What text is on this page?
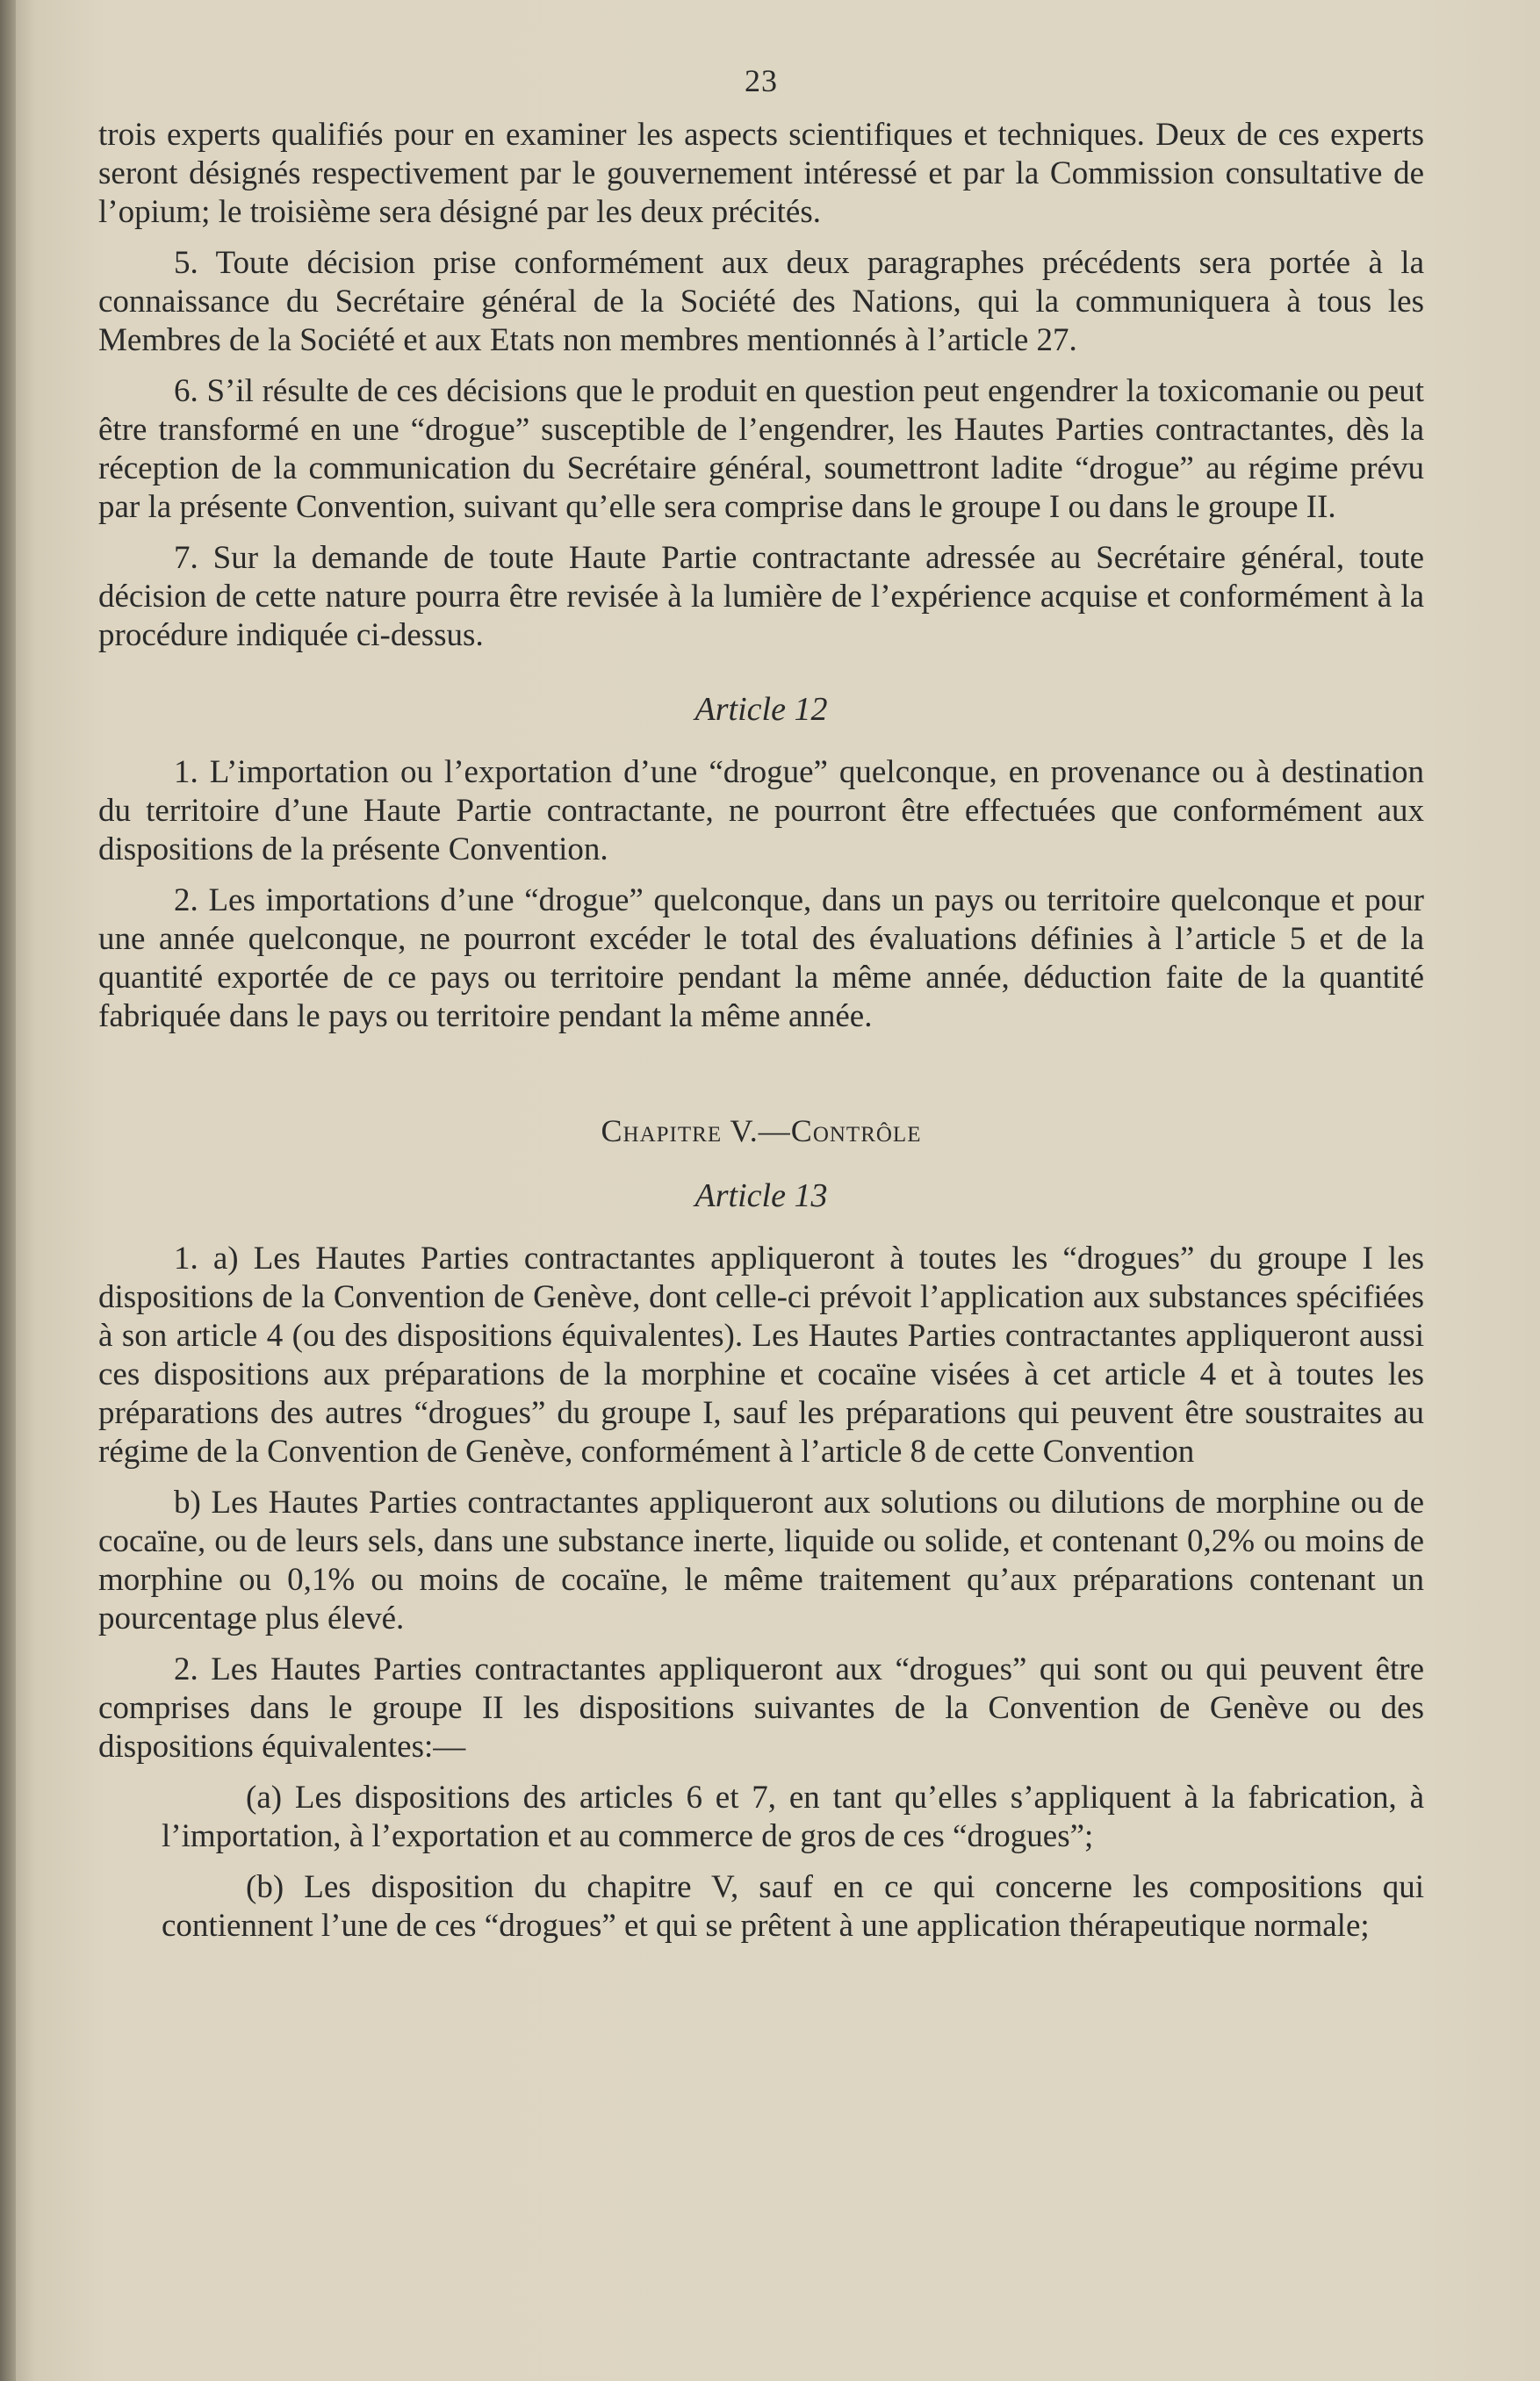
23

trois experts qualifiés pour en examiner les aspects scientifiques et techniques. Deux de ces experts seront désignés respectivement par le gouvernement intéressé et par la Commission consultative de l’opium; le troisième sera désigné par les deux précités.

5. Toute décision prise conformément aux deux paragraphes précédents sera portée à la connaissance du Secrétaire général de la Société des Nations, qui la communiquera à tous les Membres de la Société et aux Etats non membres mentionnés à l’article 27.

6. S’il résulte de ces décisions que le produit en question peut engendrer la toxicomanie ou peut être transformé en une “drogue” susceptible de l’engendrer, les Hautes Parties contractantes, dès la réception de la communication du Secrétaire général, soumettront ladite “drogue” au régime prévu par la présente Convention, suivant qu’elle sera comprise dans le groupe I ou dans le groupe II.

7. Sur la demande de toute Haute Partie contractante adressée au Secrétaire général, toute décision de cette nature pourra être revisée à la lumière de l’expérience acquise et conformément à la procédure indiquée ci-dessus.

Article 12

1. L’importation ou l’exportation d’une “drogue” quelconque, en provenance ou à destination du territoire d’une Haute Partie contractante, ne pourront être effectuées que conformément aux dispositions de la présente Convention.

2. Les importations d’une “drogue” quelconque, dans un pays ou territoire quelconque et pour une année quelconque, ne pourront excéder le total des évaluations définies à l’article 5 et de la quantité exportée de ce pays ou territoire pendant la même année, déduction faite de la quantité fabriquée dans le pays ou territoire pendant la même année.

Chapitre V.—Contrôle
Article 13

1. a) Les Hautes Parties contractantes appliqueront à toutes les “drogues” du groupe I les dispositions de la Convention de Genève, dont celle-ci prévoit l’application aux substances spécifiées à son article 4 (ou des dispositions équivalentes). Les Hautes Parties contractantes appliqueront aussi ces dispositions aux préparations de la morphine et cocaïne visées à cet article 4 et à toutes les préparations des autres “drogues” du groupe I, sauf les préparations qui peuvent être soustraites au régime de la Convention de Genève, conformément à l’article 8 de cette Convention

b) Les Hautes Parties contractantes appliqueront aux solutions ou dilutions de morphine ou de cocaïne, ou de leurs sels, dans une substance inerte, liquide ou solide, et contenant 0,2% ou moins de morphine ou 0,1% ou moins de cocaïne, le même traitement qu’aux préparations contenant un pourcentage plus élevé.

2. Les Hautes Parties contractantes appliqueront aux “drogues” qui sont ou qui peuvent être comprises dans le groupe II les dispositions suivantes de la Convention de Genève ou des dispositions équivalentes:—

(a) Les dispositions des articles 6 et 7, en tant qu’elles s’appliquent à la fabrication, à l’importation, à l’exportation et au commerce de gros de ces “drogues”;

(b) Les disposition du chapitre V, sauf en ce qui concerne les compositions qui contiennent l’une de ces “drogues” et qui se prêtent à une application thérapeutique normale;
